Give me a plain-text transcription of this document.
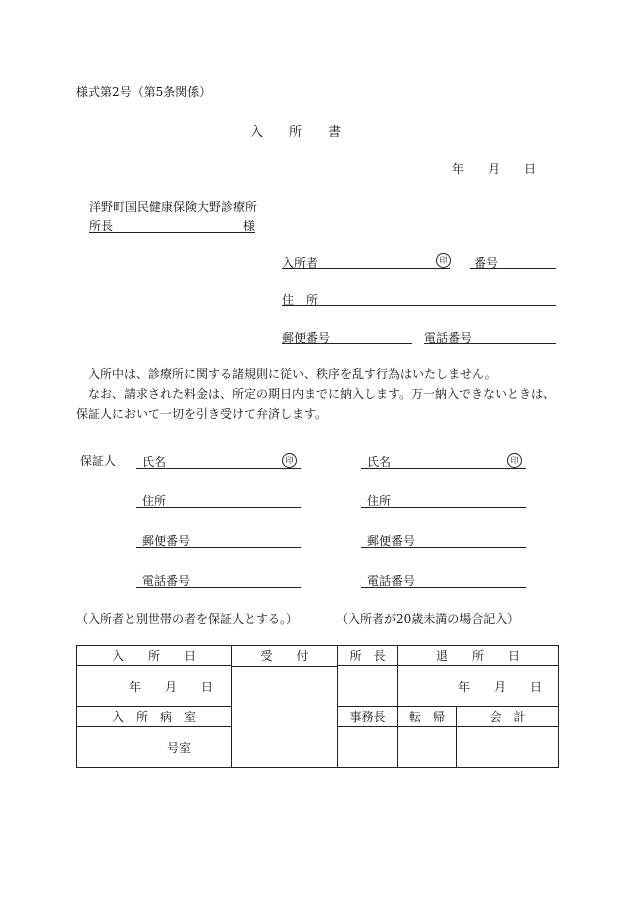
様式第2号（第5条関係）
入　　所　　書
年　　月　　日
洋野町国民健康保険大野診療所
所長	様
入所者	印	番号
住　所
郵便番号	電話番号
入所中は、診療所に関する諸規則に従い、秩序を乱す行為はいたしません。
なお、請求された料金は、所定の期日内までに納入します。万一納入できないときは、
保証人において一切を引き受けて弁済します。
保証人	氏名	印
住所
郵便番号
電話番号
氏名	印
住所
郵便番号
電話番号
（入所者と別世帯の者を保証人とする。）	（入所者が20歳未満の場合記入）
入　　所　　日	受　　付	所　長	退　　所　　日	
年　　月　　日			年　　月　　日	
入　所　病　室		事務長	転　帰	会　計
号室				
